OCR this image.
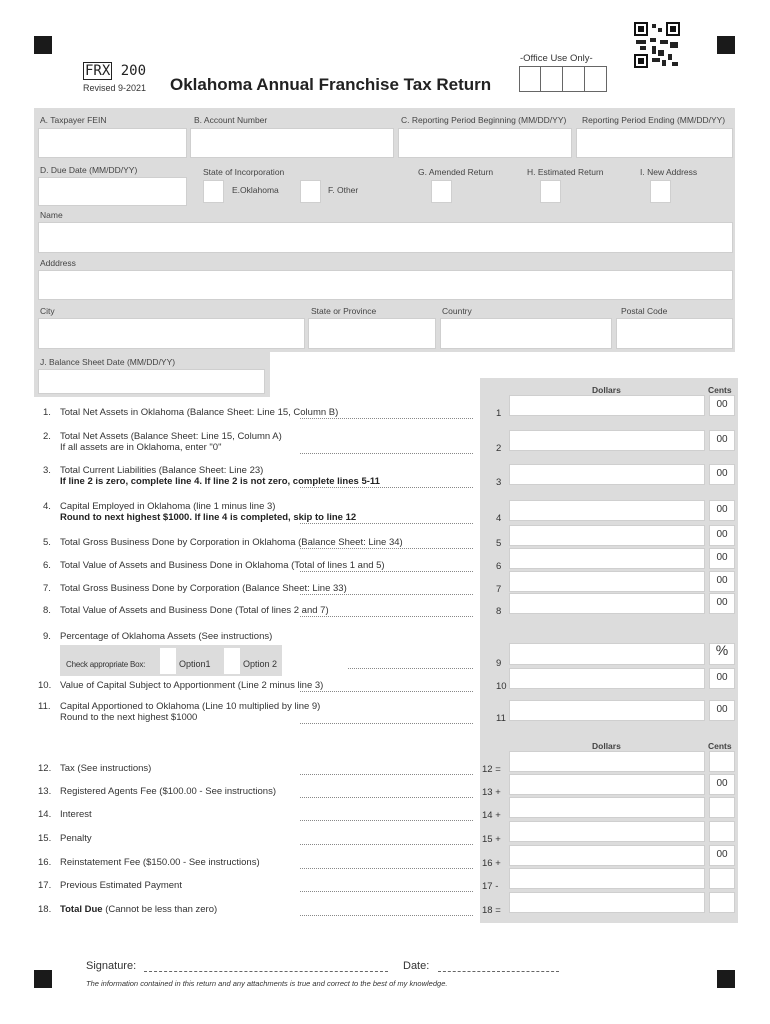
-Office Use Only-
FRX 200
Revised 9-2021 Oklahoma Annual Franchise Tax Return
A. Taxpayer FEIN	B. Account Number	C. Reporting Period Beginning (MM/DD/YY) Reporting Period Ending (MM/DD/YY)
D. Due Date (MM/DD/YY)	State of Incorporation
E.Oklahoma	F. Other
G. Amended Return	H. Estimated Return	I. New Address
Name
Adddress
City	State or Province	Country	Postal Code
J. Balance Sheet Date (MM/DD/YY)
Dollars	Cents
Dollars	Cents
Check appropriate Box:	Option1	Option 2
1. Total Net Assets in Oklahoma (Balance Sheet: Line 15, Column B)	1
00
2. Total Net Assets (Balance Sheet: Line 15, Column A)
If all assets are in Oklahoma, enter "0"	2
00
3. Total Current Liabilities (Balance Sheet: Line 23)
If line 2 is zero, complete line 4. If line 2 is not zero, complete lines 5-11	3
00
4. Capital Employed in Oklahoma (line 1 minus line 3)
Round to next highest $1000. If line 4 is completed, skip to line 12	4
00
5. Total Gross Business Done by Corporation in Oklahoma (Balance Sheet: Line 34)	5
00
6. Total Value of Assets and Business Done in Oklahoma (Total of lines 1 and 5)	6
00
7. Total Gross Business Done by Corporation (Balance Sheet: Line 33)	7
00
8. Total Value of Assets and Business Done (Total of lines 2 and 7)	8
00
9. Percentage of Oklahoma Assets (See instructions)
9
%
10. Value of Capital Subject to Apportionment (Line 2 minus line 3)	10
00
11. Capital Apportioned to Oklahoma (Line 10 multiplied by line 9)
Round to the next highest $1000	11
00
12. Tax (See instructions)	12 =
13. Registered Agents Fee ($100.00 - See instructions)	13 +
00
14. Interest	14 +
15. Penalty	15 +
16. Reinstatement Fee ($150.00 - See instructions)	16 +
00
17. Previous Estimated Payment	17 -
18. Total Due (Cannot be less than zero)	18 =
Signature:	Date:
The information contained in this return and any attachments is true and correct to the best of my knowledge.
